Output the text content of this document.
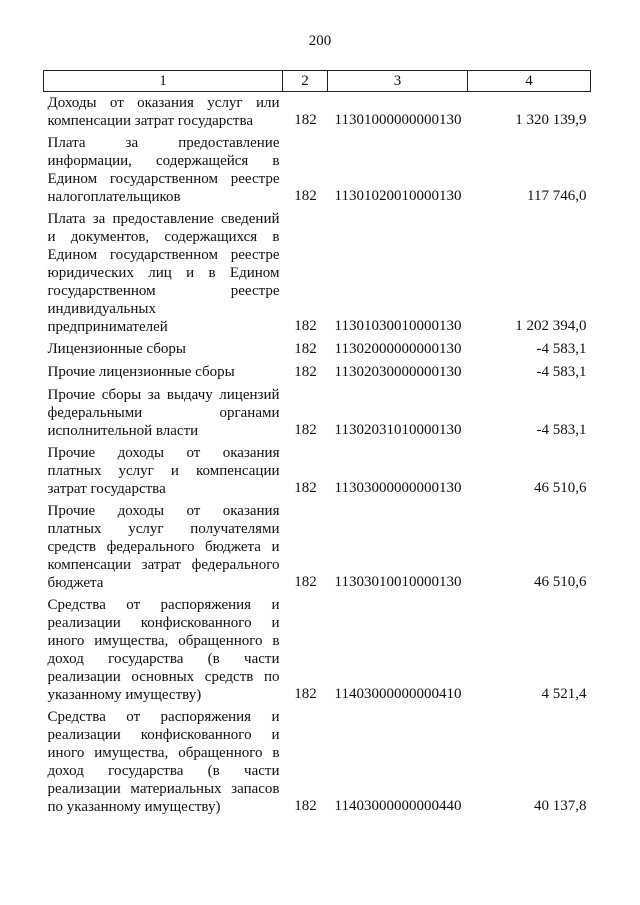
200
1	2	3	4
Доходы от оказания услуг или компенсации затрат государства	182	11301000000000130	1 320 139,9
Плата за предоставление информации, содержащейся в Едином государственном реестре налогоплательщиков	182	11301020010000130	117 746,0
Плата за предоставление сведений и документов, содержащихся в Едином государственном реестре юридических лиц и в Едином государственном реестре индивидуальных предпринимателей	182	11301030010000130	1 202 394,0
Лицензионные сборы	182	11302000000000130	-4 583,1
Прочие лицензионные сборы	182	11302030000000130	-4 583,1
Прочие сборы за выдачу лицензий федеральными органами исполнительной власти	182	11302031010000130	-4 583,1
Прочие доходы от оказания платных услуг и компенсации затрат государства	182	11303000000000130	46 510,6
Прочие доходы от оказания платных услуг получателями средств федерального бюджета и компенсации затрат федерального бюджета	182	11303010010000130	46 510,6
Средства от распоряжения и реализации конфискованного и иного имущества, обращенного в доход государства (в части реализации основных средств по указанному имуществу)	182	11403000000000410	4 521,4
Средства от распоряжения и реализации конфискованного и иного имущества, обращенного в доход государства (в части реализации материальных запасов по указанному имуществу)	182	11403000000000440	40 137,8
